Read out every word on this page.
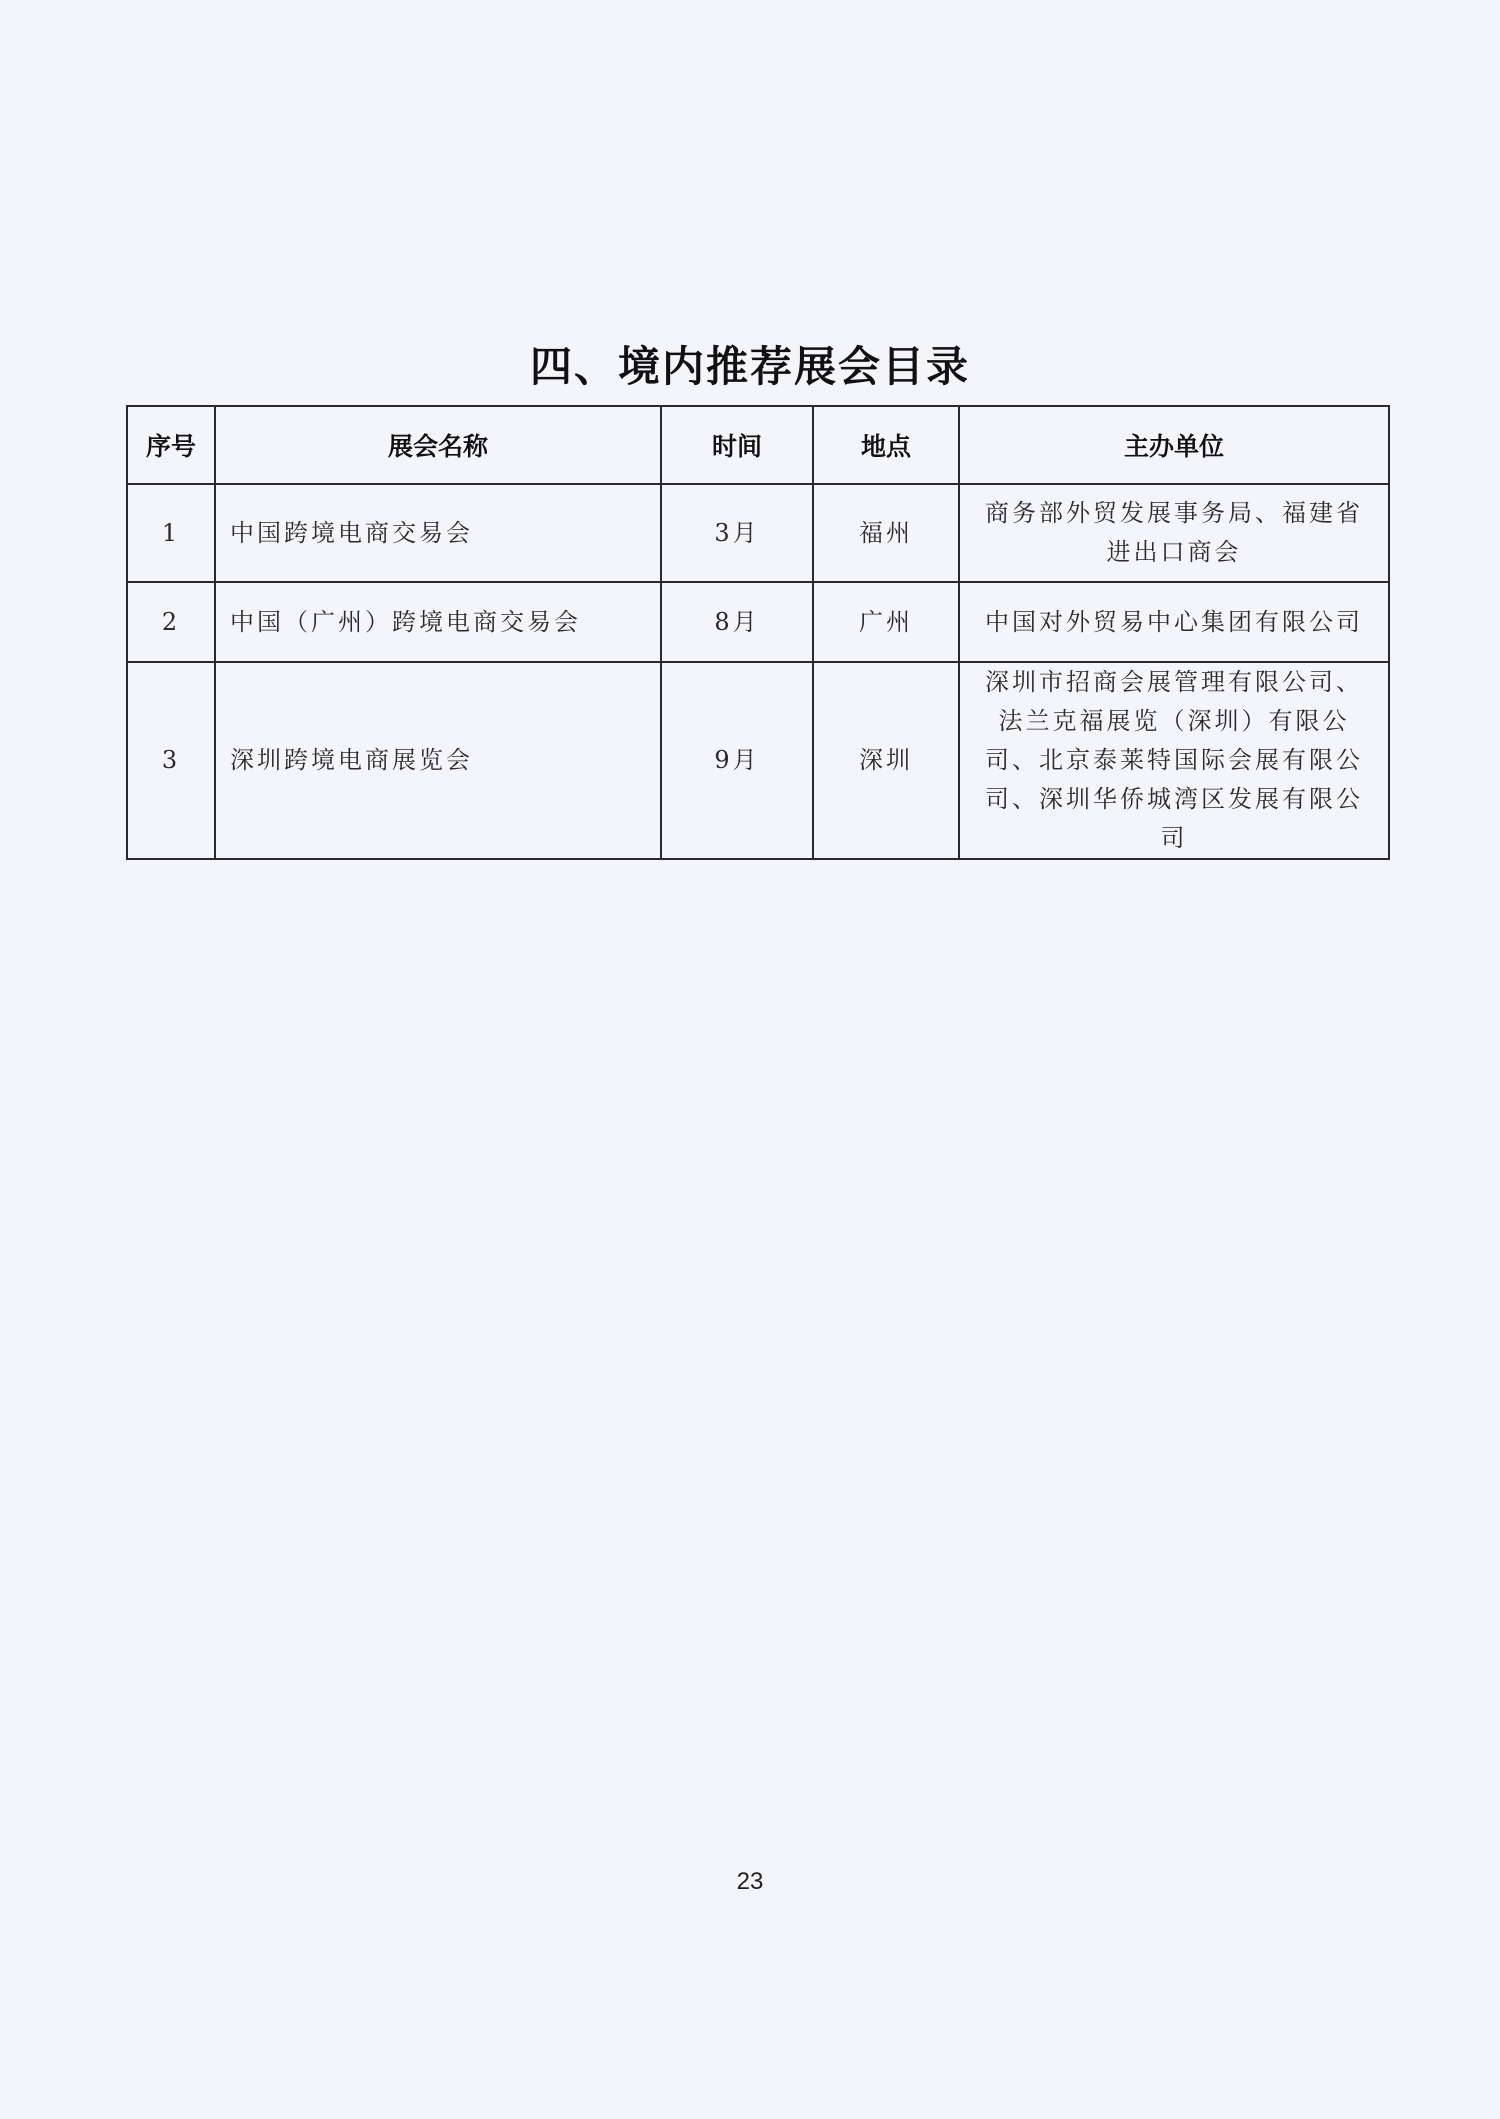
四、境内推荐展会目录
序号	展会名称	时间	地点	主办单位
1	中国跨境电商交易会	3月	福州	商务部外贸发展事务局、福建省进出口商会
2	中国（广州）跨境电商交易会	8月	广州	中国对外贸易中心集团有限公司
3	深圳跨境电商展览会	9月	深圳	深圳市招商会展管理有限公司、法兰克福展览（深圳）有限公司、北京泰莱特国际会展有限公司、深圳华侨城湾区发展有限公司
23
